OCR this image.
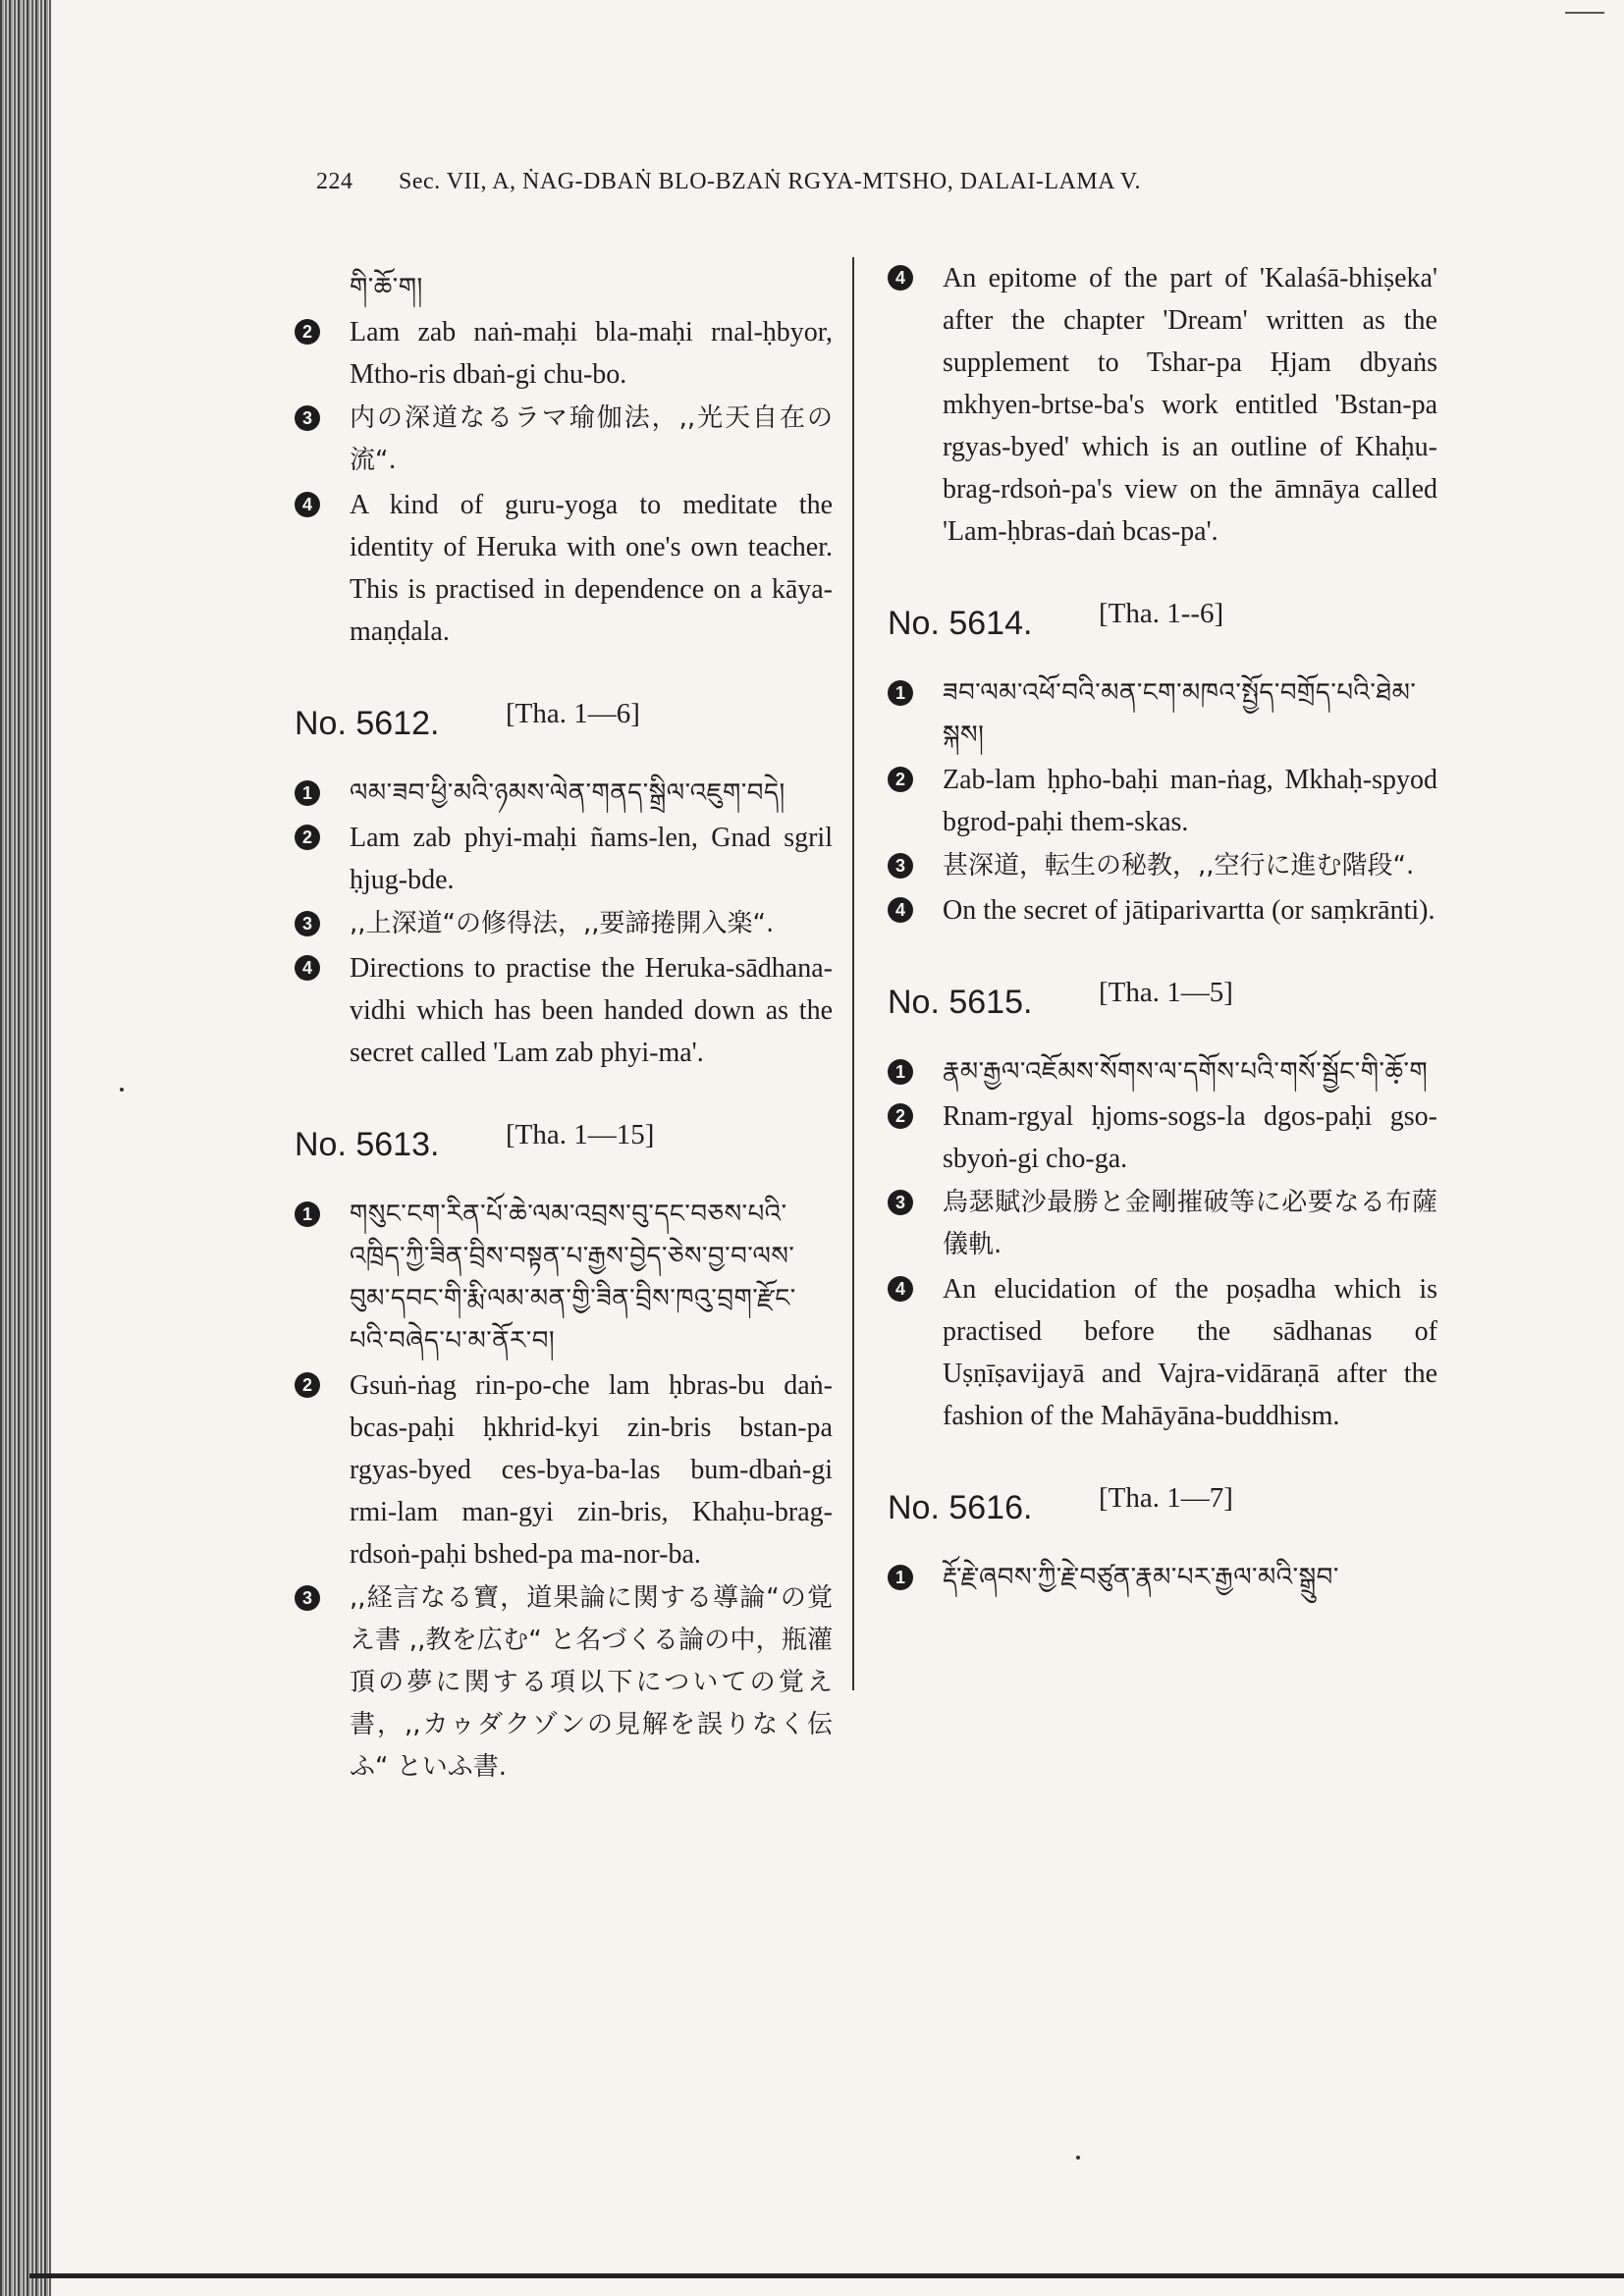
224 Sec. VII, A, ṄAG-DBAṄ BLO-BZAṄ RGYA-MTSHO, DALAI-LAMA V.
གི་ཆོ་ག།
2 Lam zab naṅ-maḥi bla-maḥi rnal-ḥbyor, Mtho-ris dbaṅ-gi chu-bo.
3	内の深道なるラマ瑜伽法，,,光天自在の流“.
4 A kind of guru-yoga to meditate the identity of Heruka with one's own teacher. This is practised in dependence on a kāya-maṇḍala.
No. 5612. [Tha. 1—6]
1	ལམ་ཟབ་ཕྱི་མའི་ཉམས་ལེན་གནད་སྒྲིལ་འཇུག་བདེ།
2 Lam zab phyi-maḥi ñams-len, Gnad sgril ḥjug-bde.
3	,,上深道“の修得法，,,要諦捲開入楽“.
4 Directions to practise the Heruka-sādhana-vidhi which has been handed down as the secret called 'Lam zab phyi-ma'.
No. 5613. [Tha. 1—15]
1	གསུང་ངག་རིན་པོ་ཆེ་ལམ་འབྲས་བུ་དང་བཅས་པའི་འཁྲིད་ཀྱི་ཟིན་བྲིས་བསྟན་པ་རྒྱས་བྱེད་ཅེས་བྱ་བ་ལས་བུམ་དབང་གི་རྨི་ལམ་མན་གྱི་ཟིན་བྲིས་ཁའུ་བྲག་རྫོང་པའི་བཞེད་པ་མ་ནོར་བ།
2 Gsuṅ-ṅag rin-po-che lam ḥbras-bu daṅ-bcas-paḥi ḥkhrid-kyi zin-bris bstan-pa rgyas-byed ces-bya-ba-las bum-dbaṅ-gi rmi-lam man-gyi zin-bris, Khaḥu-brag-rdsoṅ-paḥi bshed-pa ma-nor-ba.
3	,,経言なる寶，道果論に関する導論“の覚え書 ,,教を広む“ と名づくる論の中，瓶灌頂の夢に関する項以下についての覚え書，,,カゥダクゾンの見解を誤りなく伝ふ“ といふ書.
4 An epitome of the part of 'Kalaśā-bhiṣeka' after the chapter 'Dream' written as the supplement to Tshar-pa Ḥjam dbyaṅs mkhyen-brtse-ba's work entitled 'Bstan-pa rgyas-byed' which is an outline of Khaḥu-brag-rdsoṅ-pa's view on the āmnāya called 'Lam-ḥbras-daṅ bcas-pa'.
No. 5614. [Tha. 1--6]
1	ཟབ་ལམ་འཕོ་བའི་མན་ངག་མཁའ་སྤྱོད་བགྲོད་པའི་ཐེམ་སྐས།
2 Zab-lam ḥpho-baḥi man-ṅag, Mkhaḥ-spyod bgrod-paḥi them-skas.
3	甚深道，転生の秘教，,,空行に進む階段“.
4 On the secret of jātiparivartta (or saṃkrānti).
No. 5615. [Tha. 1—5]
1	རྣམ་རྒྱལ་འཇོམས་སོགས་ལ་དགོས་པའི་གསོ་སྦྱོང་གི་ཆོ་ག
2 Rnam-rgyal ḥjoms-sogs-la dgos-paḥi gso-sbyoṅ-gi cho-ga.
3	烏瑟賦沙最勝と金剛摧破等に必要なる布薩儀軌.
4 An elucidation of the poṣadha which is practised before the sādhanas of Uṣṇīṣavijayā and Vajra-vidāraṇā after the fashion of the Mahāyāna-buddhism.
No. 5616. [Tha. 1—7]
1	རྡོ་རྗེ་ཞབས་ཀྱི་རྗེ་བཙུན་རྣམ་པར་རྒྱལ་མའི་སྒྲུབ་
